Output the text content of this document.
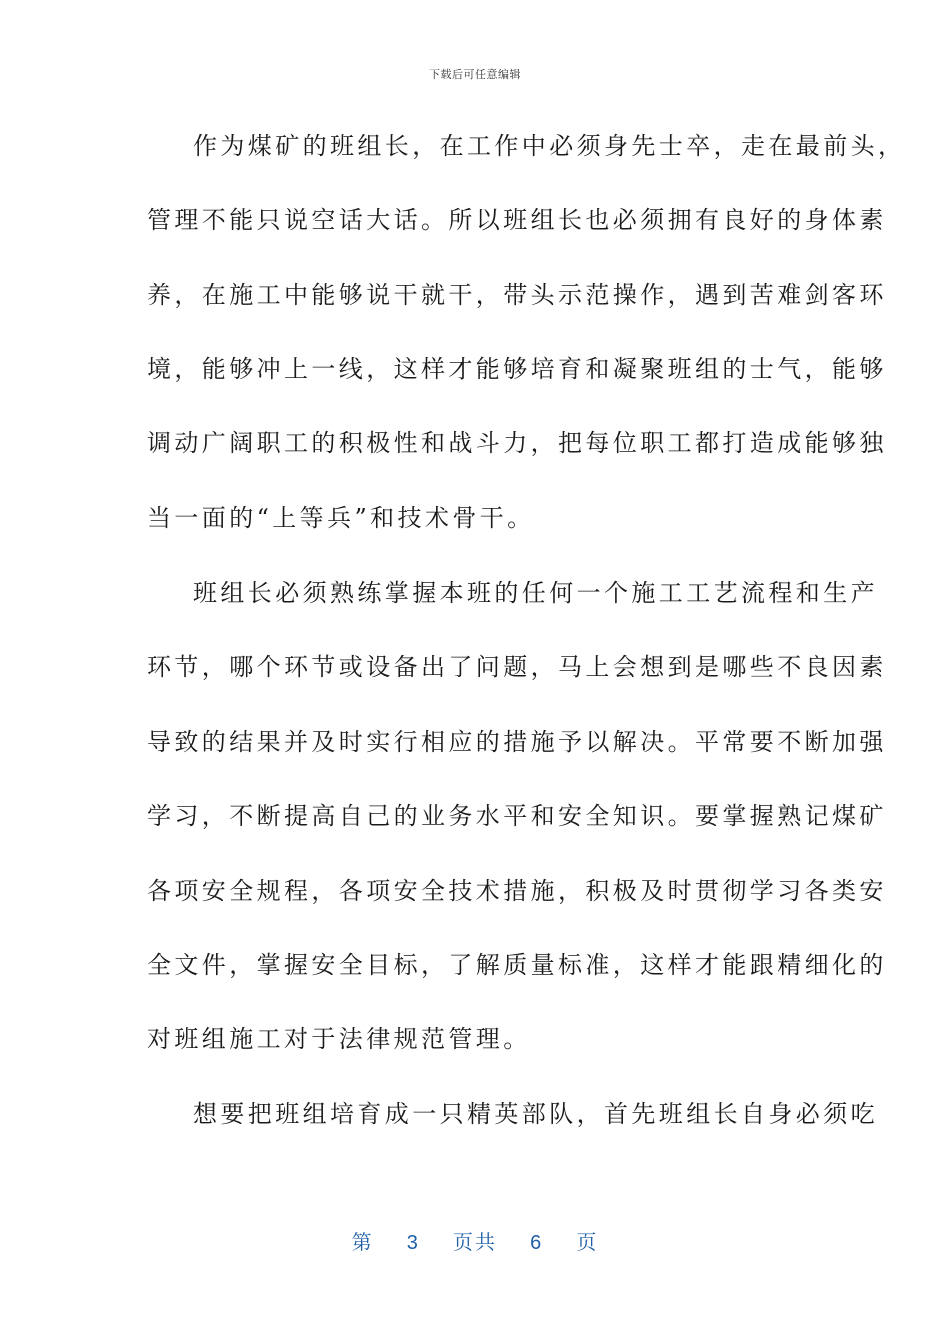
下载后可任意编辑
作为煤矿的班组长，在工作中必须身先士卒，走在最前头，
管理不能只说空话大话。所以班组长也必须拥有良好的身体素
养，在施工中能够说干就干，带头示范操作，遇到苦难剑客环
境，能够冲上一线，这样才能够培育和凝聚班组的士气，能够
调动广阔职工的积极性和战斗力，把每位职工都打造成能够独
当一面的“上等兵”和技术骨干。
班组长必须熟练掌握本班的任何一个施工工艺流程和生产
环节，哪个环节或设备出了问题，马上会想到是哪些不良因素
导致的结果并及时实行相应的措施予以解决。平常要不断加强
学习，不断提高自己的业务水平和安全知识。要掌握熟记煤矿
各项安全规程，各项安全技术措施，积极及时贯彻学习各类安
全文件，掌握安全目标，了解质量标准，这样才能跟精细化的
对班组施工对于法律规范管理。
想要把班组培育成一只精英部队，首先班组长自身必须吃
第 3 页共 6 页
